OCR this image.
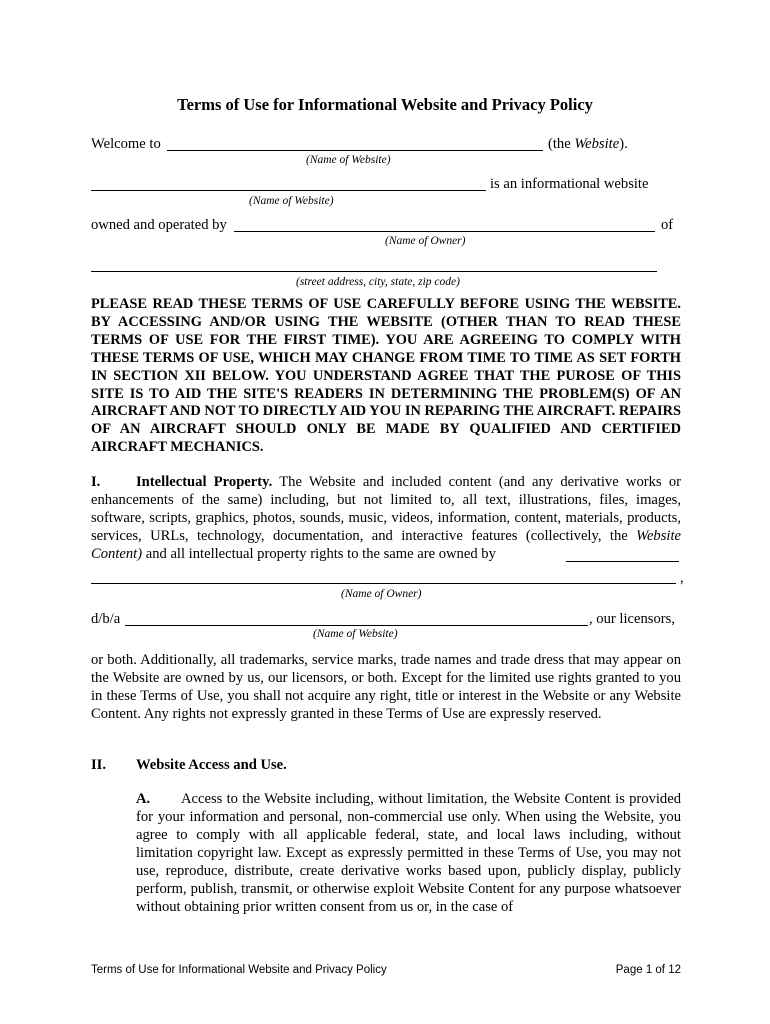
Terms of Use for Informational Website and Privacy Policy
Welcome to	(the Website).
(Name of Website)
is an informational website
(Name of Website)
owned and operated by	of
(Name of Owner)
(street address, city, state, zip code)
PLEASE READ THESE TERMS OF USE CAREFULLY BEFORE USING THE WEBSITE. BY ACCESSING AND/OR USING THE WEBSITE (OTHER THAN TO READ THESE TERMS OF USE FOR THE FIRST TIME). YOU ARE AGREEING TO COMPLY WITH THESE TERMS OF USE, WHICH MAY CHANGE FROM TIME TO TIME AS SET FORTH IN SECTION XII BELOW. YOU UNDERSTAND AGREE THAT THE PUROSE OF THIS SITE IS TO AID THE SITE'S READERS IN DETERMINING THE PROBLEM(S) OF AN AIRCRAFT AND NOT TO DIRECTLY AID YOU IN REPARING THE AIRCRAFT. REPAIRS OF AN AIRCRAFT SHOULD ONLY BE MADE BY QUALIFIED AND CERTIFIED AIRCRAFT MECHANICS.
I. Intellectual Property. The Website and included content (and any derivative works or enhancements of the same) including, but not limited to, all text, illustrations, files, images, software, scripts, graphics, photos, sounds, music, videos, information, content, materials, products, services, URLs, technology, documentation, and interactive features (collectively, the Website Content) and all intellectual property rights to the same are owned by
,
(Name of Owner)
d/b/a	, our licensors,
(Name of Website)
or both. Additionally, all trademarks, service marks, trade names and trade dress that may appear on the Website are owned by us, our licensors, or both. Except for the limited use rights granted to you in these Terms of Use, you shall not acquire any right, title or interest in the Website or any Website Content. Any rights not expressly granted in these Terms of Use are expressly reserved.
II. Website Access and Use.
A. Access to the Website including, without limitation, the Website Content is provided for your information and personal, non-commercial use only. When using the Website, you agree to comply with all applicable federal, state, and local laws including, without limitation copyright law. Except as expressly permitted in these Terms of Use, you may not use, reproduce, distribute, create derivative works based upon, publicly display, publicly perform, publish, transmit, or otherwise exploit Website Content for any purpose whatsoever without obtaining prior written consent from us or, in the case of
Terms of Use for Informational Website and Privacy Policy	Page 1 of 12
